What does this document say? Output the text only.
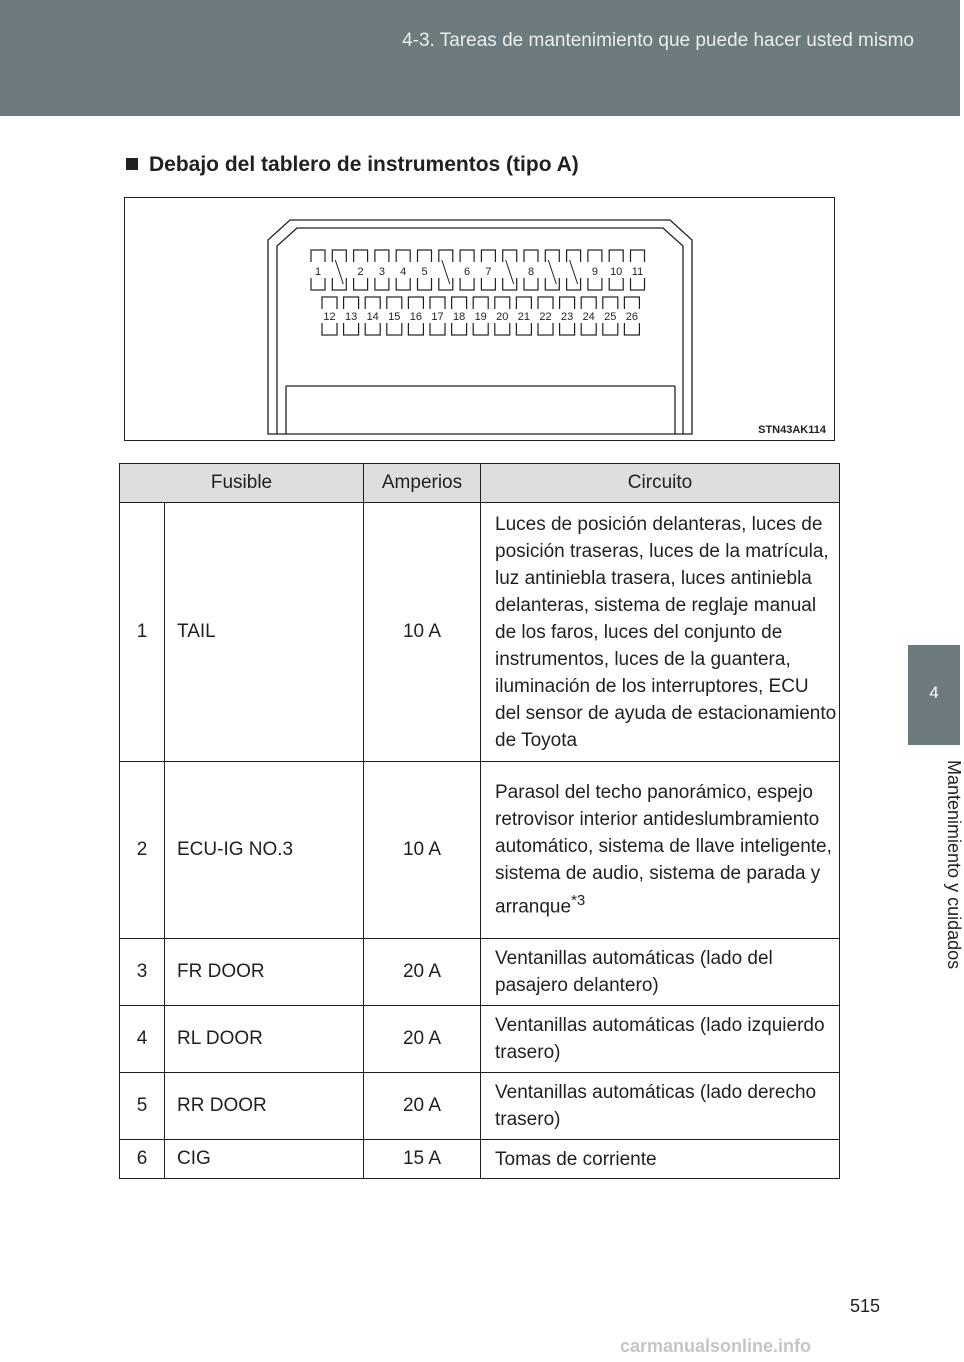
4-3. Tareas de mantenimiento que puede hacer usted mismo
4
Mantenimiento y cuidados
Debajo del tablero de instrumentos (tipo A)
1	2 3 4 5	6 7	8	9 10 11
12 13 14 15 16 17 18 19 20 21 22 23 24 25 26
STN43AK114
Fusible		Amperios	Circuito
1	TAIL	10 A	Luces de posición delanteras, luces de posición traseras, luces de la matrícula, luz antiniebla trasera, luces antiniebla delanteras, sistema de reglaje manual de los faros, luces del conjunto de instrumentos, luces de la guantera, iluminación de los interruptores, ECU del sensor de ayuda de estacionamiento de Toyota
2	ECU-IG NO.3	10 A	Parasol del techo panorámico, espejo retrovisor interior antideslumbramiento automático, sistema de llave inteligente, sistema de audio, sistema de parada y arranque$^{*3}$
3	FR DOOR	20 A	Ventanillas automáticas (lado del pasajero delantero)
4	RL DOOR	20 A	Ventanillas automáticas (lado izquierdo trasero)
5	RR DOOR	20 A	Ventanillas automáticas (lado derecho trasero)
6	CIG	15 A	Tomas de corriente
515
carmanualsonline.info
